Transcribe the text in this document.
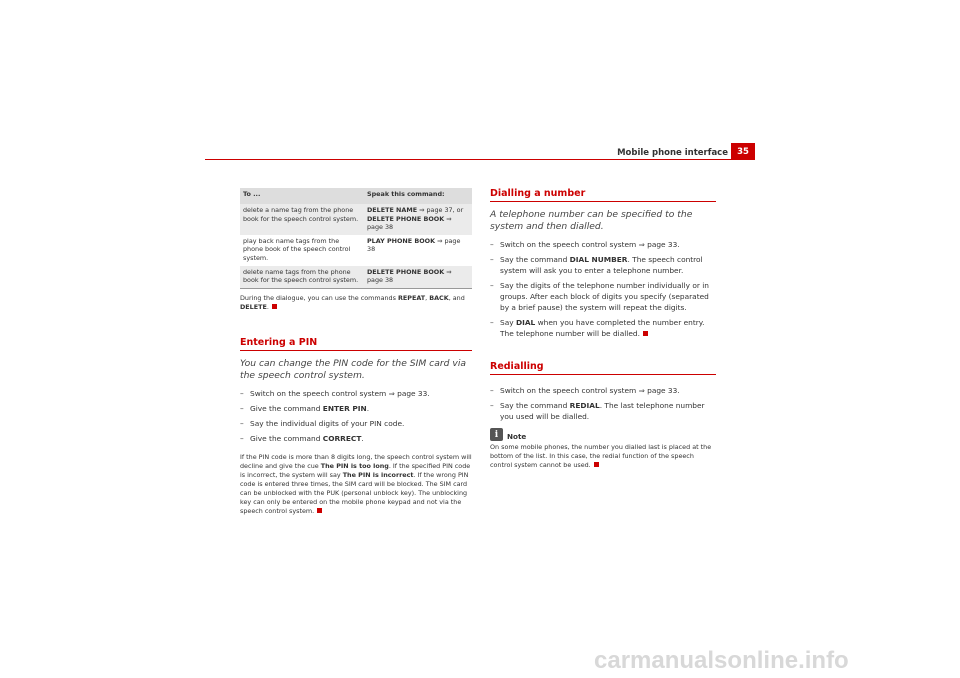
Mobile phone interface	35
To ...	Speak this command:
delete a name tag from the phone book for the speech control system.	DELETE NAME ⇒ page 37, or
DELETE PHONE BOOK ⇒ page 38
play back name tags from the phone book of the speech control system.	PLAY PHONE BOOK ⇒ page 38
delete name tags from the phone book for the speech control system.	DELETE PHONE BOOK ⇒ page 38

During the dialogue, you can use the commands REPEAT, BACK, and
DELETE.

Entering a PIN

You can change the PIN code for the SIM card via the speech control system.

– Switch on the speech control system ⇒ page 33.
– Give the command ENTER PIN.
– Say the individual digits of your PIN code.
– Give the command CORRECT.

If the PIN code is more than 8 digits long, the speech control system will decline and give the cue The PIN is too long. If the specified PIN code is incorrect, the system will say The PIN is incorrect. If the wrong PIN code is entered three times, the SIM card will be blocked. The SIM card can be unblocked with the PUK (personal unblock key). The unblocking key can only be entered on the mobile phone keypad and not via the speech control system.

Dialling a number

A telephone number can be specified to the system and then dialled.

– Switch on the speech control system ⇒ page 33.
– Say the command DIAL NUMBER. The speech control system will ask you to enter a telephone number.
– Say the digits of the telephone number individually or in groups. After each block of digits you specify (separated by a brief pause) the system will repeat the digits.
– Say DIAL when you have completed the number entry. The telephone number will be dialled.
Redialling
– Switch on the speech control system ⇒ page 33.
– Say the command REDIAL. The last telephone number you used will be dialled.
i	Note

On some mobile phones, the number you dialled last is placed at the bottom of the list. In this case, the redial function of the speech control system cannot be used.

carmanualsonline.info
